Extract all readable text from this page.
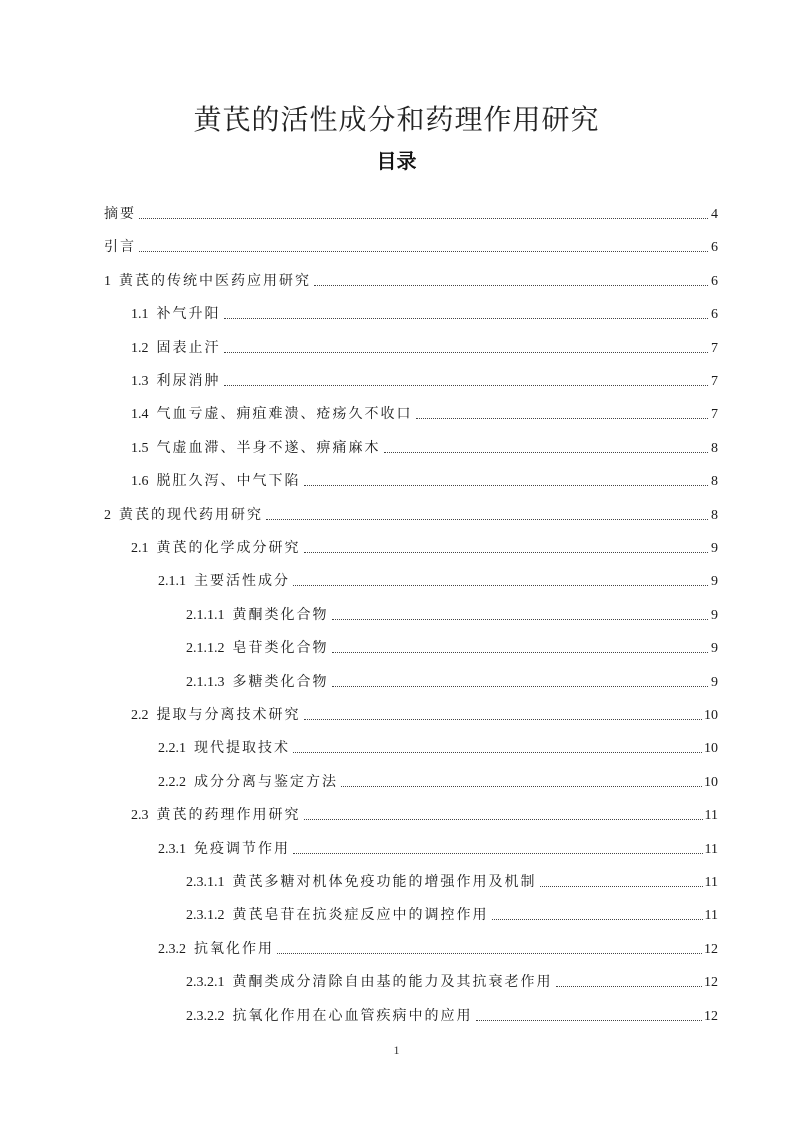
黄芪的活性成分和药理作用研究
目录
摘要	4
引言	6
1 黄芪的传统中医药应用研究	6
1.1 补气升阳	6
1.2 固表止汗	7
1.3 利尿消肿	7
1.4 气血亏虚、痈疽难溃、疮疡久不收口	7
1.5 气虚血滞、半身不遂、痹痛麻木	8
1.6 脱肛久泻、中气下陷	8
2 黄芪的现代药用研究	8
2.1 黄芪的化学成分研究	9
2.1.1 主要活性成分	9
2.1.1.1 黄酮类化合物	9
2.1.1.2 皂苷类化合物	9
2.1.1.3 多糖类化合物	9
2.2 提取与分离技术研究	10
2.2.1 现代提取技术	10
2.2.2 成分分离与鉴定方法	10
2.3 黄芪的药理作用研究	11
2.3.1 免疫调节作用	11
2.3.1.1 黄芪多糖对机体免疫功能的增强作用及机制	11
2.3.1.2 黄芪皂苷在抗炎症反应中的调控作用	11
2.3.2 抗氧化作用	12
2.3.2.1 黄酮类成分清除自由基的能力及其抗衰老作用	12
2.3.2.2 抗氧化作用在心血管疾病中的应用	12
1
